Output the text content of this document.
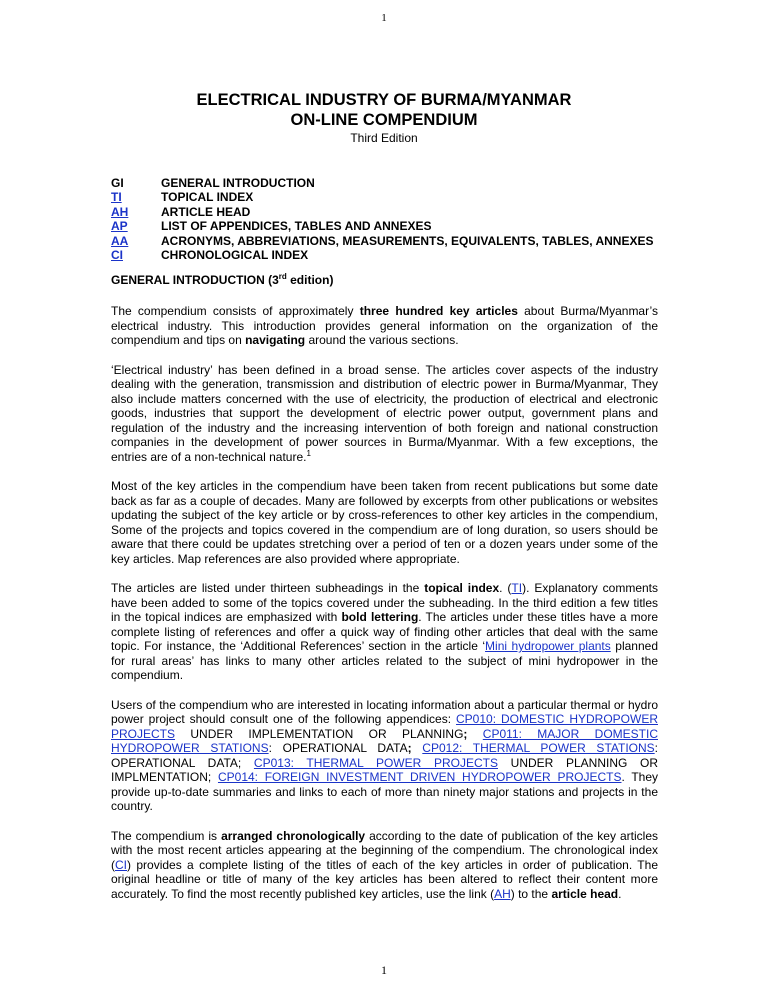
1
ELECTRICAL INDUSTRY OF BURMA/MYANMAR
ON-LINE COMPENDIUM
Third Edition
GI	GENERAL INTRODUCTION
TI	TOPICAL INDEX
AH	ARTICLE HEAD
AP	LIST OF APPENDICES, TABLES AND ANNEXES
AA	ACRONYMS, ABBREVIATIONS, MEASUREMENTS, EQUIVALENTS, TABLES, ANNEXES
CI	CHRONOLOGICAL INDEX
GENERAL INTRODUCTION (3rd edition)

The compendium consists of approximately three hundred key articles about Burma/Myanmar’s electrical industry. This introduction provides general information on the organization of the compendium and tips on navigating around the various sections.

‘Electrical industry’ has been defined in a broad sense. The articles cover aspects of the industry dealing with the generation, transmission and distribution of electric power in Burma/Myanmar, They also include matters concerned with the use of electricity, the production of electrical and electronic goods, industries that support the development of electric power output, government plans and regulation of the industry and the increasing intervention of both foreign and national construction companies in the development of power sources in Burma/Myanmar. With a few exceptions, the entries are of a non-technical nature.$^1$

Most of the key articles in the compendium have been taken from recent publications but some date back as far as a couple of decades. Many are followed by excerpts from other publications or websites updating the subject of the key article or by cross-references to other key articles in the compendium, Some of the projects and topics covered in the compendium are of long duration, so users should be aware that there could be updates stretching over a period of ten or a dozen years under some of the key articles. Map references are also provided where appropriate.

The articles are listed under thirteen subheadings in the topical index. (TI). Explanatory comments have been added to some of the topics covered under the subheading. In the third edition a few titles in the topical indices are emphasized with bold lettering. The articles under these titles have a more complete listing of references and offer a quick way of finding other articles that deal with the same topic. For instance, the ‘Additional References’ section in the article ‘Mini hydropower plants planned for rural areas’ has links to many other articles related to the subject of mini hydropower in the compendium.

Users of the compendium who are interested in locating information about a particular thermal or hydro power project should consult one of the following appendices: CP010: DOMESTIC HYDROPOWER PROJECTS UNDER IMPLEMENTATION OR PLANNING; CP011: MAJOR DOMESTIC HYDROPOWER STATIONS: OPERATIONAL DATA; CP012: THERMAL POWER STATIONS: OPERATIONAL DATA; CP013: THERMAL POWER PROJECTS UNDER PLANNING OR IMPLMENTATION; CP014: FOREIGN INVESTMENT DRIVEN HYDROPOWER PROJECTS. They provide up-to-date summaries and links to each of more than ninety major stations and projects in the country.

The compendium is arranged chronologically according to the date of publication of the key articles with the most recent articles appearing at the beginning of the compendium. The chronological index (CI) provides a complete listing of the titles of each of the key articles in order of publication. The original headline or title of many of the key articles has been altered to reflect their content more accurately. To find the most recently published key articles, use the link (AH) to the article head.

1
